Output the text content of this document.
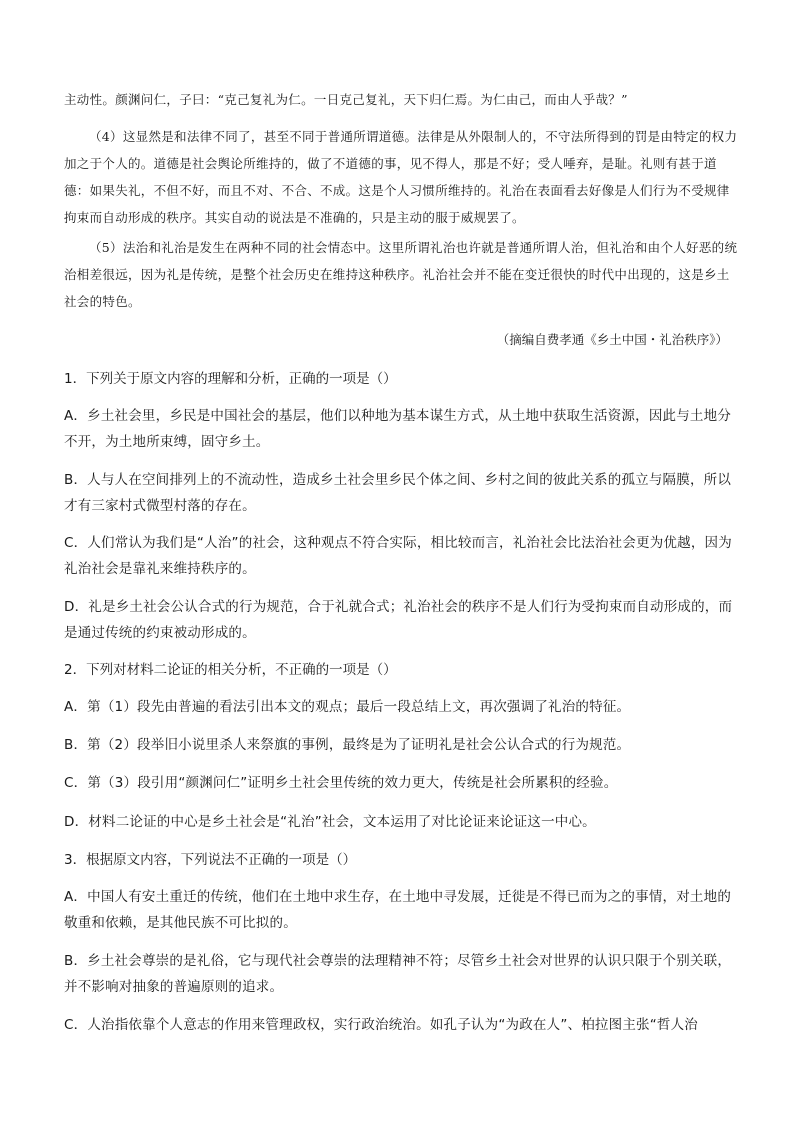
主动性。颜渊问仁，子曰：“克己复礼为仁。一日克己复礼，天下归仁焉。为仁由己，而由人乎哉？”

（4）这显然是和法律不同了，甚至不同于普通所谓道德。法律是从外限制人的，不守法所得到的罚是由特定的权力加之于个人的。道德是社会舆论所维持的，做了不道德的事，见不得人，那是不好；受人唾弃，是耻。礼则有甚于道德：如果失礼，不但不好，而且不对、不合、不成。这是个人习惯所维持的。礼治在表面看去好像是人们行为不受规律拘束而自动形成的秩序。其实自动的说法是不准确的，只是主动的服于威规罢了。

（5）法治和礼治是发生在两种不同的社会情态中。这里所谓礼治也许就是普通所谓人治，但礼治和由个人好恶的统治相差很远，因为礼是传统，是整个社会历史在维持这种秩序。礼治社会并不能在变迁很快的时代中出现的，这是乡土社会的特色。

（摘编自费孝通《乡土中国・礼治秩序》）

1．下列关于原文内容的理解和分析，正确的一项是（）

A．乡土社会里，乡民是中国社会的基层，他们以种地为基本谋生方式，从土地中获取生活资源，因此与土地分不开，为土地所束缚，固守乡土。

B．人与人在空间排列上的不流动性，造成乡土社会里乡民个体之间、乡村之间的彼此关系的孤立与隔膜，所以才有三家村式微型村落的存在。

C．人们常认为我们是“人治”的社会，这种观点不符合实际，相比较而言，礼治社会比法治社会更为优越，因为礼治社会是靠礼来维持秩序的。

D．礼是乡土社会公认合式的行为规范，合于礼就合式；礼治社会的秩序不是人们行为受拘束而自动形成的，而是通过传统的约束被动形成的。

2．下列对材料二论证的相关分析，不正确的一项是（）

A．第（1）段先由普遍的看法引出本文的观点；最后一段总结上文，再次强调了礼治的特征。

B．第（2）段举旧小说里杀人来祭旗的事例，最终是为了证明礼是社会公认合式的行为规范。

C．第（3）段引用“颜渊问仁”证明乡土社会里传统的效力更大，传统是社会所累积的经验。

D．材料二论证的中心是乡土社会是“礼治”社会，文本运用了对比论证来论证这一中心。

3．根据原文内容，下列说法不正确的一项是（）

A．中国人有安土重迁的传统，他们在土地中求生存，在土地中寻发展，迁徙是不得已而为之的事情，对土地的敬重和依赖，是其他民族不可比拟的。

B．乡土社会尊崇的是礼俗，它与现代社会尊崇的法理精神不符；尽管乡土社会对世界的认识只限于个别关联，并不影响对抽象的普遍原则的追求。

C．人治指依靠个人意志的作用来管理政权，实行政治统治。如孔子认为“为政在人”、柏拉图主张“哲人治
